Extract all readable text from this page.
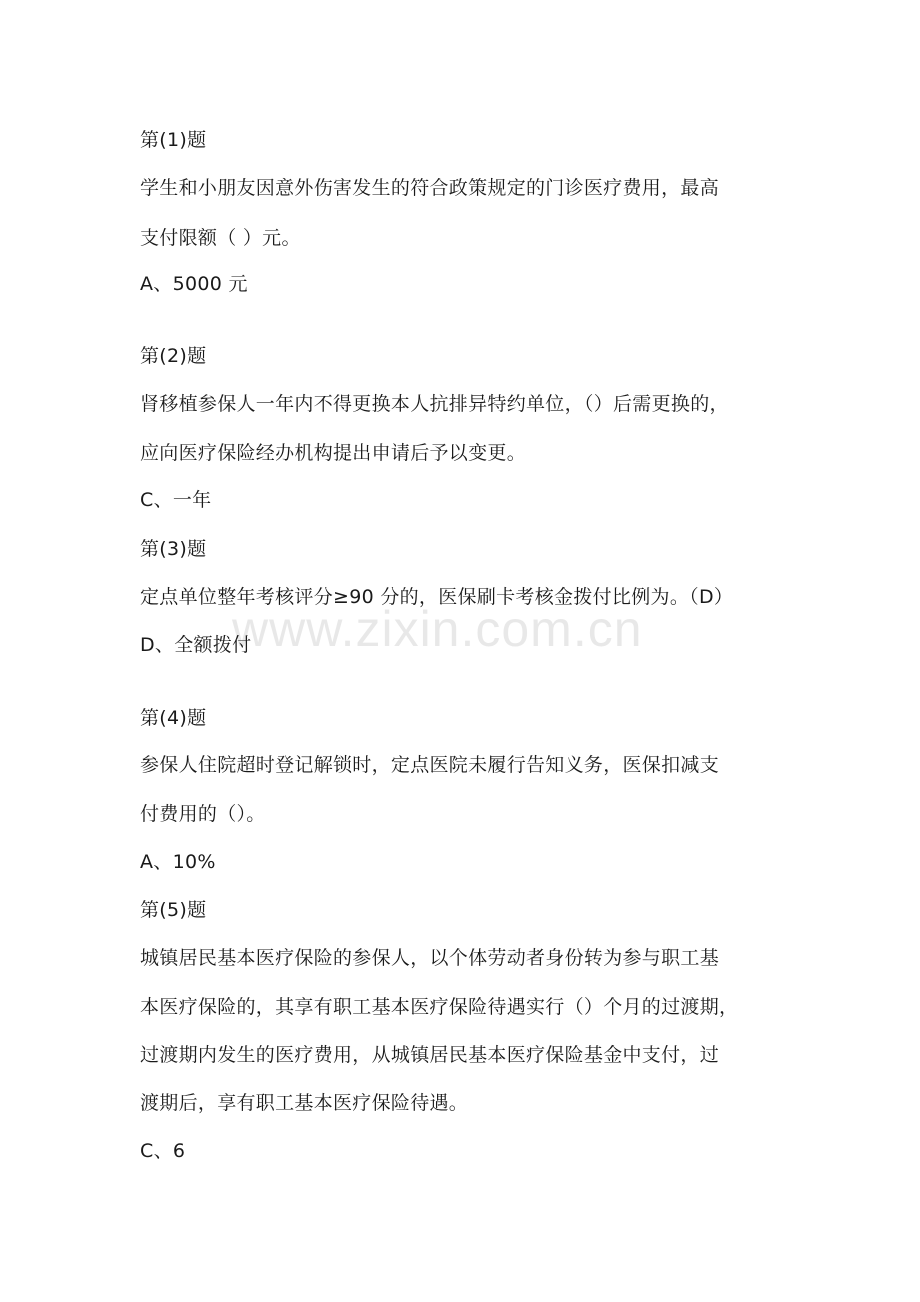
第(1)题
学生和小朋友因意外伤害发生的符合政策规定的门诊医疗费用，最高
支付限额（ ）元。
A、5000 元
第(2)题
肾移植参保人一年内不得更换本人抗排异特约单位，（）后需更换的，
应向医疗保险经办机构提出申请后予以变更。
C、一年
第(3)题
定点单位整年考核评分≥90 分的，医保刷卡考核金拨付比例为。（D）
D、全额拨付
第(4)题
参保人住院超时登记解锁时，定点医院未履行告知义务，医保扣减支
付费用的（）。
A、10%
第(5)题
城镇居民基本医疗保险的参保人，以个体劳动者身份转为参与职工基
本医疗保险的，其享有职工基本医疗保险待遇实行（）个月的过渡期，
过渡期内发生的医疗费用，从城镇居民基本医疗保险基金中支付，过
渡期后，享有职工基本医疗保险待遇。
C、6
www.zixin.com.cn
